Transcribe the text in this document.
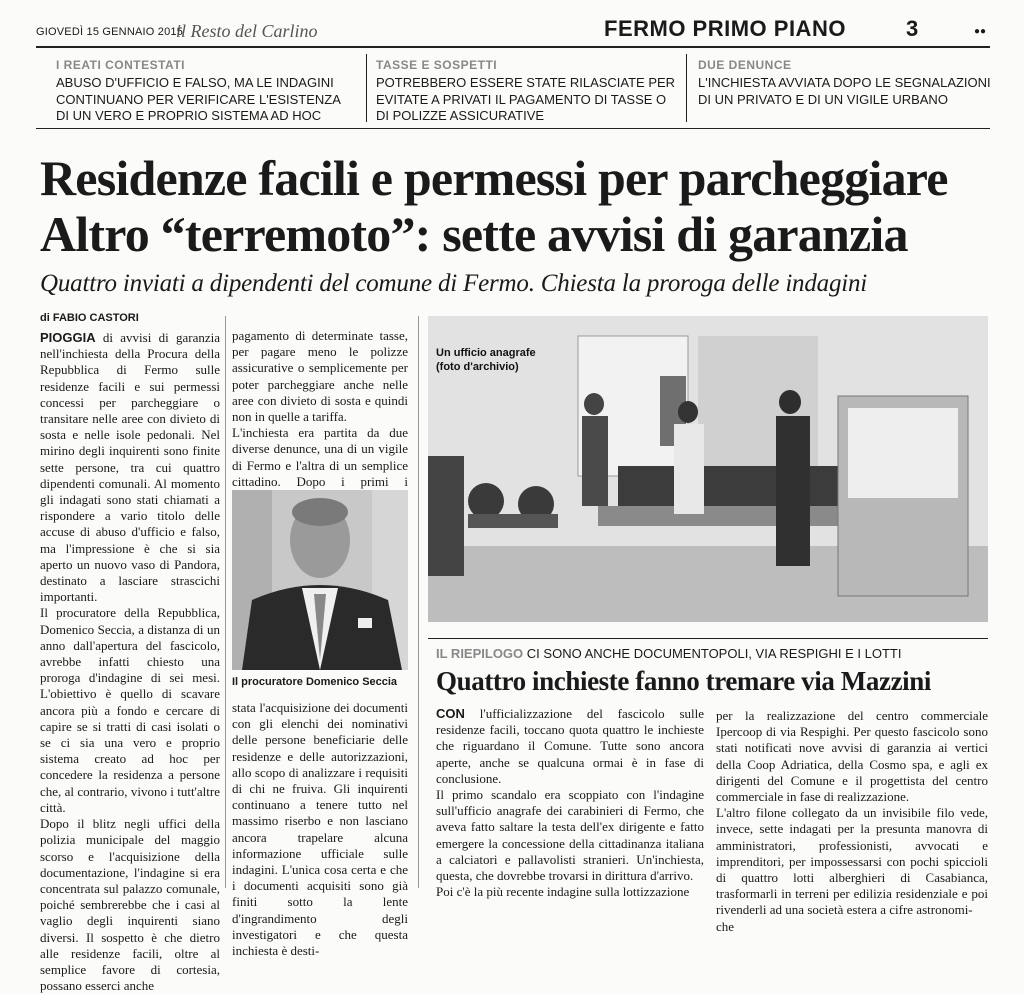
GIOVEDÌ 15 GENNAIO 2015
il Resto del Carlino	FERMO PRIMO PIANO	3	●●

I REATI CONTESTATI

ABUSO D'UFFICIO E FALSO, MA LE INDAGINI CONTINUANO PER VERIFICARE L'ESISTENZA DI UN VERO E PROPRIO SISTEMA AD HOC

TASSE E SOSPETTI

POTREBBERO ESSERE STATE RILASCIATE PER EVITATE A PRIVATI IL PAGAMENTO DI TASSE O DI POLIZZE ASSICURATIVE

DUE DENUNCE

L'INCHIESTA AVVIATA DOPO LE SEGNALAZIONI DI UN PRIVATO E DI UN VIGILE URBANO

Residenze facili e permessi per parcheggiare
Altro “terremoto”: sette avvisi di garanzia

Quattro inviati a dipendenti del comune di Fermo. Chiesta la proroga delle indagini

di FABIO CASTORI

PIOGGIA di avvisi di garanzia nell'inchiesta della Procura della Repubblica di Fermo sulle residenze facili e sui permessi concessi per parcheggiare o transitare nelle aree con divieto di sosta e nelle isole pedonali. Nel mirino degli inquirenti sono finite sette persone, tra cui quattro dipendenti comunali. Al momento gli indagati sono stati chiamati a rispondere a vario titolo delle accuse di abuso d'ufficio e falso, ma l'impressione è che si sia aperto un nuovo vaso di Pandora, destinato a lasciare strascichi importanti.

Il procuratore della Repubblica, Domenico Seccia, a distanza di un anno dall'apertura del fascicolo, avrebbe infatti chiesto una proroga d'indagine di sei mesi. L'obiettivo è quello di scavare ancora più a fondo e cercare di capire se si tratti di casi isolati o se ci sia una vero e proprio sistema creato ad hoc per concedere la residenza a persone che, al contrario, vivono i tutt'altre città.

Dopo il blitz negli uffici della polizia municipale del maggio scorso e l'acquisizione della documentazione, l'indagine si era concentrata sul palazzo comunale, poiché sembrerebbe che i casi al vaglio degli inquirenti siano diversi. Il sospetto è che dietro alle residenze facili, oltre al semplice favore di cortesia, possano esserci anche

pagamento di determinate tasse, per pagare meno le polizze assicurative o semplicemente per poter parcheggiare anche nelle aree con divieto di sosta e quindi non in quelle a tariffa.

L'inchiesta era partita da due diverse denunce, una di un vigile di Fermo e l'altra di un semplice cittadino. Dopo i primi i

Il procuratore Domenico Seccia

stata l'acquisizione dei documenti con gli elenchi dei nominativi delle persone beneficiarie delle residenze e delle autorizzazioni, allo scopo di analizzare i requisiti di chi ne fruiva. Gli inquirenti continuano a tenere tutto nel massimo riserbo e non lasciano ancora trapelare alcuna informazione ufficiale sulle indagini. L'unica cosa certa e che i documenti acquisiti sono già finiti sotto la lente d'ingrandimento degli investigatori e che questa inchiesta è desti-

Un ufficio anagrafe
(foto d'archivio)
IL RIEPILOGO CI SONO ANCHE DOCUMENTOPOLI, VIA RESPIGHI E I LOTTI
Quattro inchieste fanno tremare via Mazzini

CON l'ufficializzazione del fascicolo sulle residenze facili, toccano quota quattro le inchieste che riguardano il Comune. Tutte sono ancora aperte, anche se qualcuna ormai è in fase di conclusione.

Il primo scandalo era scoppiato con l'indagine sull'ufficio anagrafe dei carabinieri di Fermo, che aveva fatto saltare la testa dell'ex dirigente e fatto emergere la concessione della cittadinanza italiana a calciatori e pallavolisti stranieri. Un'inchiesta, questa, che dovrebbe trovarsi in dirittura d'arrivo.

Poi c'è la più recente indagine sulla lottizzazione

per la realizzazione del centro commerciale Ipercoop di via Respighi. Per questo fascicolo sono stati notificati nove avvisi di garanzia ai vertici della Coop Adriatica, della Cosmo spa, e agli ex dirigenti del Comune e il progettista del centro commerciale in fase di realizzazione.

L'altro filone collegato da un invisibile filo vede, invece, sette indagati per la presunta manovra di amministratori, professionisti, avvocati e imprenditori, per impossessarsi con pochi spiccioli di quattro lotti alberghieri di Casabianca, trasformarli in terreni per edilizia residenziale e poi rivenderli ad una società estera a cifre astronomi-

che
